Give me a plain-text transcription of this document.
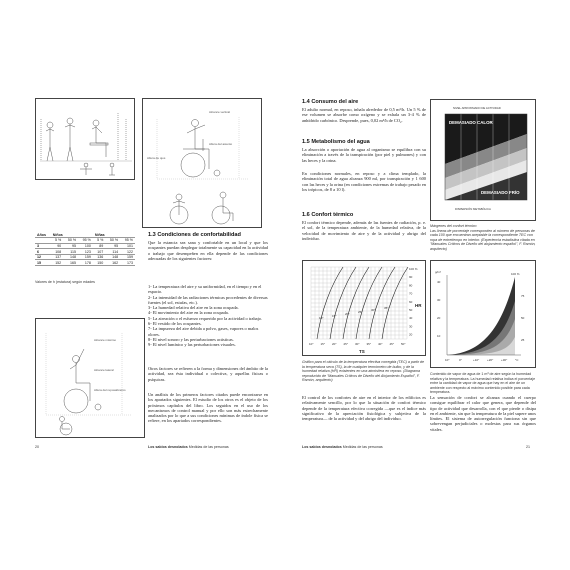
Alcance vertical
Altura del asiento
Altura de ojos
Años	Niños			Niñas		
	5 %	50 %	95 %	5 %	50 %	95 %
3	90	95	100	89	95	101
6	108	115	123	107	114	122
12	137	148	159	136	148	159
15	152	165	178	150	162	173
Valores de h (estatura) según edades
Alcance máximo
Alcance lateral
Altura del reposabrazos
1.3 Condiciones de confortabilidad
Que la estancia sea sana y confortable en un local y que los ocupantes puedan desplegar totalmente su capacidad en la actividad o trabajo que desempeñen en ella depende de las condiciones adecuadas de los siguientes factores:
1- La temperatura del aire y su uniformidad, en el tiempo y en el espacio.
2- La intensidad de las radiaciones térmicas procedentes de diversas fuentes (el sol, estufas, etc.).
3- La humedad relativa del aire en la zona ocupada.
4- El movimiento del aire en la zona ocupada.
5- La aireación o el esfuerzo requerido por la actividad o trabajo.
6- El vestido de los ocupantes.
7- La impureza del aire debida a polvo, gases, vapores o malos olores.
8- El nivel sonoro y las perturbaciones acústicas.
9- El nivel lumínico y las perturbaciones visuales.
Otros factores se refieren a la forma y dimensiones del ámbito de la actividad, sea ésta individual o colectiva, y aquellas físicas o psíquicas.
Un análisis de los primeros factores citados puede encontrarse en los apartados siguientes. El estudio de los otros es el objeto de los próximos capítulos del libro. Los seguidos en el uso de los mecanismos de control manual y por ello son más estrechamente analizados por lo que a sus condiciones mínimas de índole física se refiere, en los apartados correspondientes.
20	Los sabios desnolados Medidas de las personas
1.4 Consumo del aire
El adulto normal, en reposo, inhala alrededor de 0,5 m³/h. Un 5 % de ese volumen se absorbe como oxígeno y se exhala un 3-4 % de anhídrido carbónico. Desprende, pues, 0,02 m³/h de CO₂.
1.5 Metabolismo del agua
La absorción o aportación de agua al organismo se equilibra con su eliminación a través de la transpiración (por piel y pulmones) y con las heces y la orina.
En condiciones normales, en reposo y a clima templado, la eliminación total de agua alcanza 900 ml, por transpiración y 1 600 con las heces y la orina (en condiciones extremas de trabajo pesado en los trópicos, de 8 a 10 l).
1.6 Confort térmico
El confort térmico depende, además de las fuentes de radiación, p. e. el sol, de la temperatura ambiente, de la humedad relativa, de la velocidad de movimiento de aire y de la actividad y abrigo del individuo.
NIVEL APROXIMADO DE ACTIVIDAD
DEMASIADO CALOR
DEMASIADO FRÍO
DISPERSIÓN METABÓLICA
Márgenes del confort térmico
Las líneas de porcentaje corresponden al número de personas de cada 100 que encuentran aceptable la correspondiente TEC con ropa de entretiempo en interior. (Experiencia estadística citada en "Manuales Críticos de Diseño del alojamiento español", F. Ramón, arquitecto)
100 %
90
80
70
60
50
40
30
20
10° 15° 20° 25° 30° 35° 40° 45° 50°
10°	15°	20°	25°	30°	35°	HR
TS
Gráfico para el cálculo de la temperatura efectiva corregida (TEC) a partir de la temperatura seca (TS), la de cualquier termómetro de bulbo, y de la humedad relativa (HR) existentes en una atmósfera en reposo. (Diagrama reproducido de "Manuales Críticos de Diseño del Alojamiento Español", F. Ramón, arquitecto)
g/m³
40
30
20
10
10°	0°	+10°	+20°	+30°	°C
100 %
75
50
25
Contenido de vapor de agua de 1 m³ de aire según la humedad relativa y la temperatura. La humedad relativa indica el porcentaje entre la cantidad de vapor de agua que hay en el aire de un ambiente con respecto al máximo contenido posible para cada temperatura.
El control de los confortes de aire en el interior de los edificios es relativamente sencillo, por lo que la situación de confort térmico depende de la temperatura efectiva corregida —que es el índice más significativo de la apreciación fisiológica y subjetiva de la temperatura— de la actividad y del abrigo del individuo.
La sensación de confort se alcanza cuando el cuerpo consigue equilibrar el calor que genera, que depende del tipo de actividad que desarrolla, con el que pierde o disipa en el ambiente, sin que la temperatura de la piel supere unos límites. El sistema de autorregulación funciona sin que sobrevengan perjudiciales o molestas para sus órganos vitales.
Los sabios desnolados Medidas de las personas	21
